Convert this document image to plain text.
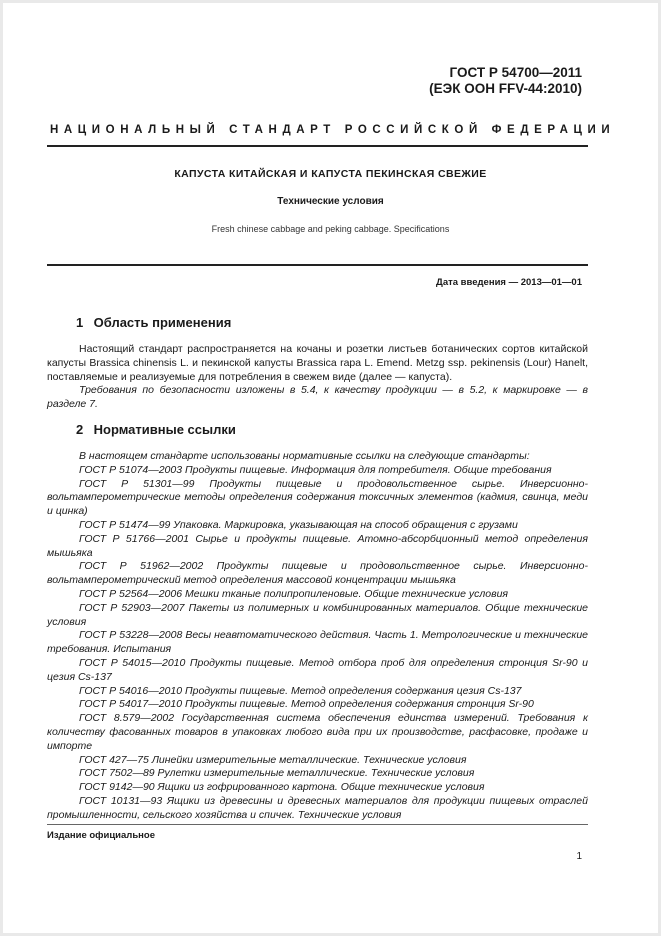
ГОСТ Р 54700—2011
(ЕЭК ООН FFV-44:2010)
НАЦИОНАЛЬНЫЙ СТАНДАРТ РОССИЙСКОЙ ФЕДЕРАЦИИ
КАПУСТА КИТАЙСКАЯ И КАПУСТА ПЕКИНСКАЯ СВЕЖИЕ
Технические условия
Fresh chinese cabbage and peking cabbage. Specifications
Дата введения — 2013—01—01
1 Область применения
Настоящий стандарт распространяется на кочаны и розетки листьев ботанических сортов китайской капусты Brassica chinensis L. и пекинской капусты Brassica rapa L. Emend. Metzg ssp. pekinensis (Lour) Hanelt, поставляемые и реализуемые для потребления в свежем виде (далее — капуста).
Требования по безопасности изложены в 5.4, к качеству продукции — в 5.2, к маркировке — в разделе 7.
2 Нормативные ссылки
В настоящем стандарте использованы нормативные ссылки на следующие стандарты:
ГОСТ Р 51074—2003 Продукты пищевые. Информация для потребителя. Общие требования
ГОСТ Р 51301—99 Продукты пищевые и продовольственное сырье. Инверсионно-вольтамперометрические методы определения содержания токсичных элементов (кадмия, свинца, меди и цинка)
ГОСТ Р 51474—99 Упаковка. Маркировка, указывающая на способ обращения с грузами
ГОСТ Р 51766—2001 Сырье и продукты пищевые. Атомно-абсорбционный метод определения мышьяка
ГОСТ Р 51962—2002 Продукты пищевые и продовольственное сырье. Инверсионно-вольтамперометрический метод определения массовой концентрации мышьяка
ГОСТ Р 52564—2006 Мешки тканые полипропиленовые. Общие технические условия
ГОСТ Р 52903—2007 Пакеты из полимерных и комбинированных материалов. Общие технические условия
ГОСТ Р 53228—2008 Весы неавтоматического действия. Часть 1. Метрологические и технические требования. Испытания
ГОСТ Р 54015—2010 Продукты пищевые. Метод отбора проб для определения стронция Sr-90 и цезия Cs-137
ГОСТ Р 54016—2010 Продукты пищевые. Метод определения содержания цезия Cs-137
ГОСТ Р 54017—2010 Продукты пищевые. Метод определения содержания стронция Sr-90
ГОСТ 8.579—2002 Государственная система обеспечения единства измерений. Требования к количеству фасованных товаров в упаковках любого вида при их производстве, расфасовке, продаже и импорте
ГОСТ 427—75 Линейки измерительные металлические. Технические условия
ГОСТ 7502—89 Рулетки измерительные металлические. Технические условия
ГОСТ 9142—90 Ящики из гофрированного картона. Общие технические условия
ГОСТ 10131—93 Ящики из древесины и древесных материалов для продукции пищевых отраслей промышленности, сельского хозяйства и спичек. Технические условия
Издание официальное
1
